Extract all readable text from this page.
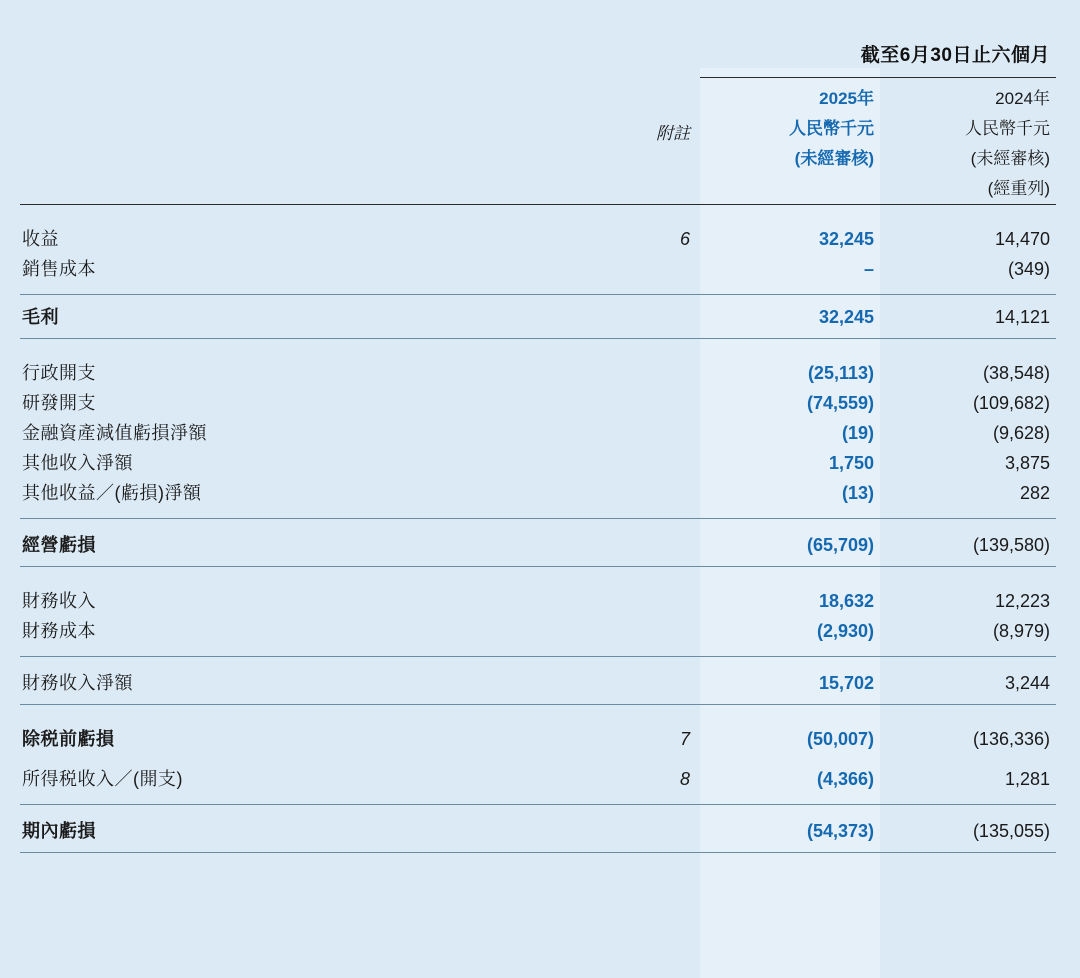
		截至6月30日止六個月	

		2025年	2024年
	附註	人民幣千元	人民幣千元
		(未經審核)	(未經審核)
			(經重列)

收益	6	32,245	14,470
銷售成本		–	(349)

毛利		32,245	14,121

行政開支		(25,113)	(38,548)
研發開支		(74,559)	(109,682)
金融資產減值虧損淨額		(19)	(9,628)
其他收入淨額		1,750	3,875
其他收益／(虧損)淨額		(13)	282

經營虧損		(65,709)	(139,580)

財務收入		18,632	12,223
財務成本		(2,930)	(8,979)

財務收入淨額		15,702	3,244

除税前虧損	7	(50,007)	(136,336)

所得税收入／(開支)	8	(4,366)	1,281

期內虧損		(54,373)	(135,055)
